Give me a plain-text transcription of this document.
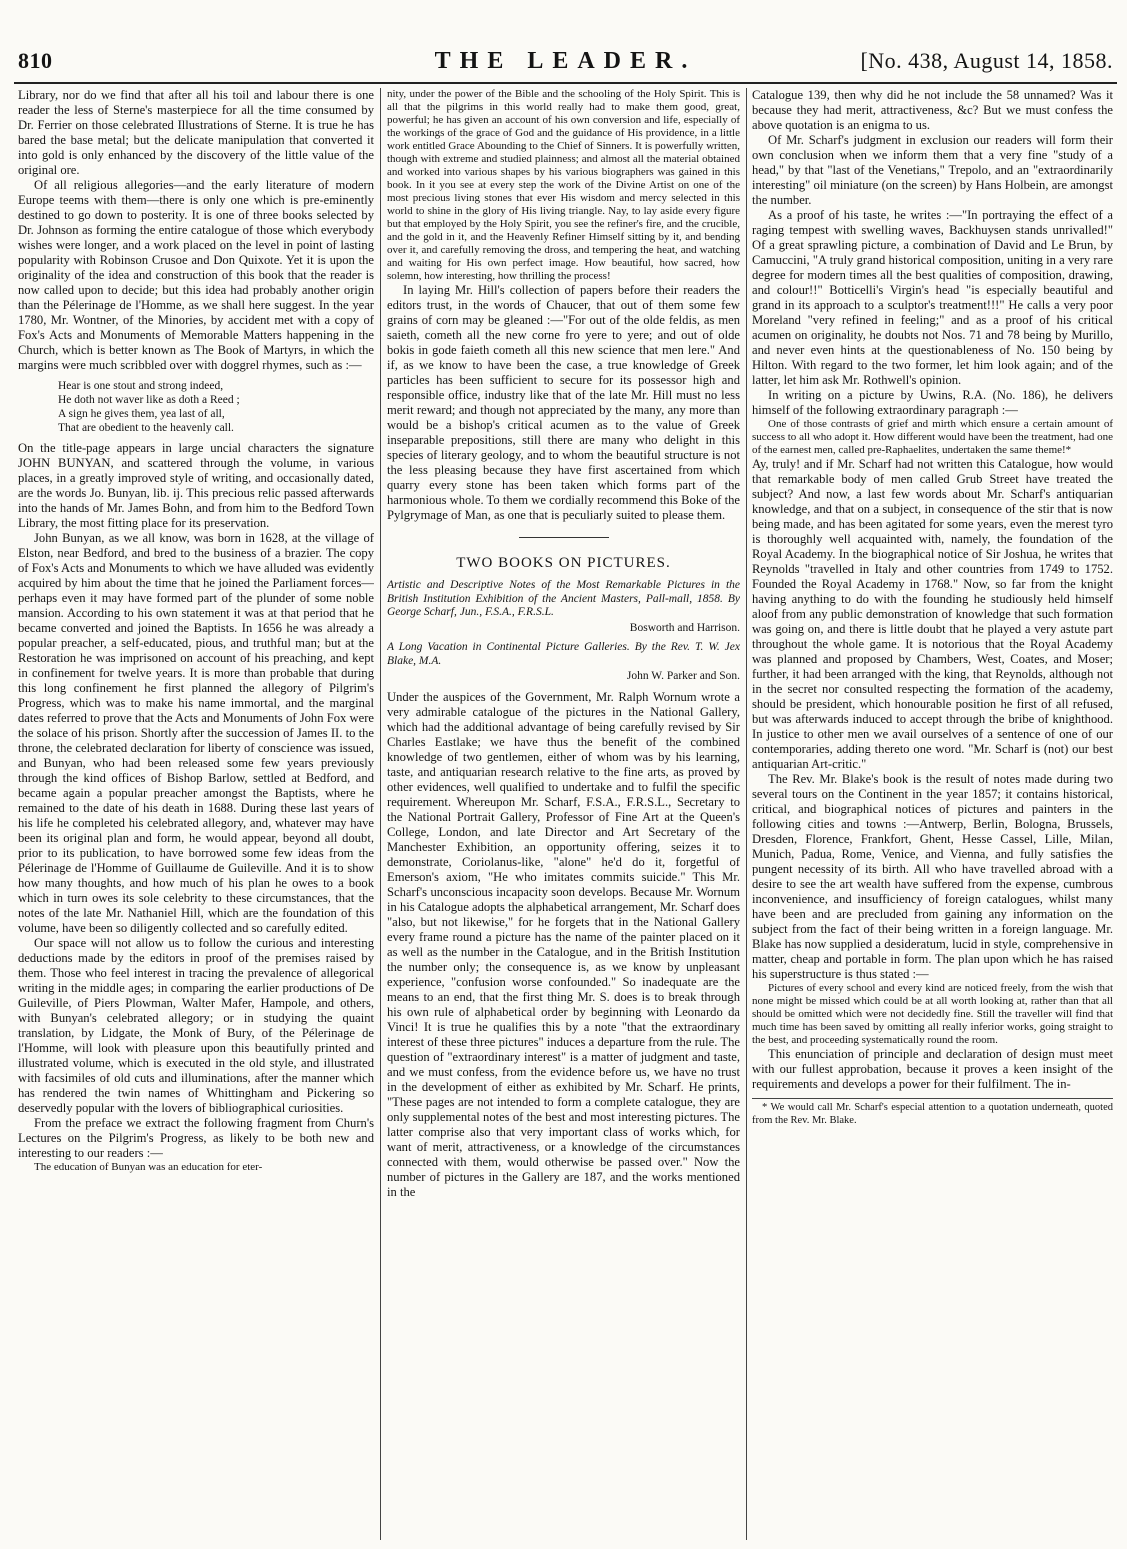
810	THE LEADER.	[No. 438, August 14, 1858.

Library, nor do we find that after all his toil and labour there is one reader the less of Sterne's masterpiece for all the time consumed by Dr. Ferrier on those celebrated Illustrations of Sterne. It is true he has bared the base metal; but the delicate manipulation that converted it into gold is only enhanced by the discovery of the little value of the original ore.

Of all religious allegories—and the early literature of modern Europe teems with them—there is only one which is pre-eminently destined to go down to posterity. It is one of three books selected by Dr. Johnson as forming the entire catalogue of those which everybody wishes were longer, and a work placed on the level in point of lasting popularity with Robinson Crusoe and Don Quixote. Yet it is upon the originality of the idea and construction of this book that the reader is now called upon to decide; but this idea had probably another origin than the Pélerinage de l'Homme, as we shall here suggest. In the year 1780, Mr. Wontner, of the Minories, by accident met with a copy of Fox's Acts and Monuments of Memorable Matters happening in the Church, which is better known as The Book of Martyrs, in which the margins were much scribbled over with doggrel rhymes, such as :—

Hear is one stout and strong indeed,
He doth not waver like as doth a Reed ;
A sign he gives them, yea last of all,
That are obedient to the heavenly call.

On the title-page appears in large uncial characters the signature JOHN BUNYAN, and scattered through the volume, in various places, in a greatly improved style of writing, and occasionally dated, are the words Jo. Bunyan, lib. ij. This precious relic passed afterwards into the hands of Mr. James Bohn, and from him to the Bedford Town Library, the most fitting place for its preservation.

John Bunyan, as we all know, was born in 1628, at the village of Elston, near Bedford, and bred to the business of a brazier. The copy of Fox's Acts and Monuments to which we have alluded was evidently acquired by him about the time that he joined the Parliament forces—perhaps even it may have formed part of the plunder of some noble mansion. According to his own statement it was at that period that he became converted and joined the Baptists. In 1656 he was already a popular preacher, a self-educated, pious, and truthful man; but at the Restoration he was imprisoned on account of his preaching, and kept in confinement for twelve years. It is more than probable that during this long confinement he first planned the allegory of Pilgrim's Progress, which was to make his name immortal, and the marginal dates referred to prove that the Acts and Monuments of John Fox were the solace of his prison. Shortly after the succession of James II. to the throne, the celebrated declaration for liberty of conscience was issued, and Bunyan, who had been released some few years previously through the kind offices of Bishop Barlow, settled at Bedford, and became again a popular preacher amongst the Baptists, where he remained to the date of his death in 1688. During these last years of his life he completed his celebrated allegory, and, whatever may have been its original plan and form, he would appear, beyond all doubt, prior to its publication, to have borrowed some few ideas from the Pélerinage de l'Homme of Guillaume de Guileville. And it is to show how many thoughts, and how much of his plan he owes to a book which in turn owes its sole celebrity to these circumstances, that the notes of the late Mr. Nathaniel Hill, which are the foundation of this volume, have been so diligently collected and so carefully edited.

Our space will not allow us to follow the curious and interesting deductions made by the editors in proof of the premises raised by them. Those who feel interest in tracing the prevalence of allegorical writing in the middle ages; in comparing the earlier productions of De Guileville, of Piers Plowman, Walter Mafer, Hampole, and others, with Bunyan's celebrated allegory; or in studying the quaint translation, by Lidgate, the Monk of Bury, of the Pélerinage de l'Homme, will look with pleasure upon this beautifully printed and illustrated volume, which is executed in the old style, and illustrated with facsimiles of old cuts and illuminations, after the manner which has rendered the twin names of Whittingham and Pickering so deservedly popular with the lovers of bibliographical curiosities.

From the preface we extract the following fragment from Churn's Lectures on the Pilgrim's Progress, as likely to be both new and interesting to our readers :—

The education of Bunyan was an education for eter-

nity, under the power of the Bible and the schooling of the Holy Spirit. This is all that the pilgrims in this world really had to make them good, great, powerful; he has given an account of his own conversion and life, especially of the workings of the grace of God and the guidance of His providence, in a little work entitled Grace Abounding to the Chief of Sinners. It is powerfully written, though with extreme and studied plainness; and almost all the material obtained and worked into various shapes by his various biographers was gained in this book. In it you see at every step the work of the Divine Artist on one of the most precious living stones that ever His wisdom and mercy selected in this world to shine in the glory of His living triangle. Nay, to lay aside every figure but that employed by the Holy Spirit, you see the refiner's fire, and the crucible, and the gold in it, and the Heavenly Refiner Himself sitting by it, and bending over it, and carefully removing the dross, and tempering the heat, and watching and waiting for His own perfect image. How beautiful, how sacred, how solemn, how interesting, how thrilling the process!

In laying Mr. Hill's collection of papers before their readers the editors trust, in the words of Chaucer, that out of them some few grains of corn may be gleaned :—"For out of the olde feldis, as men saieth, cometh all the new corne fro yere to yere; and out of olde bokis in gode faieth cometh all this new science that men lere." And if, as we know to have been the case, a true knowledge of Greek particles has been sufficient to secure for its possessor high and responsible office, industry like that of the late Mr. Hill must no less merit reward; and though not appreciated by the many, any more than would be a bishop's critical acumen as to the value of Greek inseparable prepositions, still there are many who delight in this species of literary geology, and to whom the beautiful structure is not the less pleasing because they have first ascertained from which quarry every stone has been taken which forms part of the harmonious whole. To them we cordially recommend this Boke of the Pylgrymage of Man, as one that is peculiarly suited to please them.

TWO BOOKS ON PICTURES.
Artistic and Descriptive Notes of the Most Remarkable Pictures in the British Institution Exhibition of the Ancient Masters, Pall-mall, 1858. By George Scharf, Jun., F.S.A., F.R.S.L.
Bosworth and Harrison.
A Long Vacation in Continental Picture Galleries. By the Rev. T. W. Jex Blake, M.A.
John W. Parker and Son.

Under the auspices of the Government, Mr. Ralph Wornum wrote a very admirable catalogue of the pictures in the National Gallery, which had the additional advantage of being carefully revised by Sir Charles Eastlake; we have thus the benefit of the combined knowledge of two gentlemen, either of whom was by his learning, taste, and antiquarian research relative to the fine arts, as proved by other evidences, well qualified to undertake and to fulfil the specific requirement. Whereupon Mr. Scharf, F.S.A., F.R.S.L., Secretary to the National Portrait Gallery, Professor of Fine Art at the Queen's College, London, and late Director and Art Secretary of the Manchester Exhibition, an opportunity offering, seizes it to demonstrate, Coriolanus-like, "alone" he'd do it, forgetful of Emerson's axiom, "He who imitates commits suicide." This Mr. Scharf's unconscious incapacity soon develops. Because Mr. Wornum in his Catalogue adopts the alphabetical arrangement, Mr. Scharf does "also, but not likewise," for he forgets that in the National Gallery every frame round a picture has the name of the painter placed on it as well as the number in the Catalogue, and in the British Institution the number only; the consequence is, as we know by unpleasant experience, "confusion worse confounded." So inadequate are the means to an end, that the first thing Mr. S. does is to break through his own rule of alphabetical order by beginning with Leonardo da Vinci! It is true he qualifies this by a note "that the extraordinary interest of these three pictures" induces a departure from the rule. The question of "extraordinary interest" is a matter of judgment and taste, and we must confess, from the evidence before us, we have no trust in the development of either as exhibited by Mr. Scharf. He prints, "These pages are not intended to form a complete catalogue, they are only supplemental notes of the best and most interesting pictures. The latter comprise also that very important class of works which, for want of merit, attractiveness, or a knowledge of the circumstances connected with them, would otherwise be passed over." Now the number of pictures in the Gallery are 187, and the works mentioned in the

Catalogue 139, then why did he not include the 58 unnamed? Was it because they had merit, attractiveness, &c? But we must confess the above quotation is an enigma to us.

Of Mr. Scharf's judgment in exclusion our readers will form their own conclusion when we inform them that a very fine "study of a head," by that "last of the Venetians," Trepolo, and an "extraordinarily interesting" oil miniature (on the screen) by Hans Holbein, are amongst the number.

As a proof of his taste, he writes :—"In portraying the effect of a raging tempest with swelling waves, Backhuysen stands unrivalled!" Of a great sprawling picture, a combination of David and Le Brun, by Camuccini, "A truly grand historical composition, uniting in a very rare degree for modern times all the best qualities of composition, drawing, and colour!!" Botticelli's Virgin's head "is especially beautiful and grand in its approach to a sculptor's treatment!!!" He calls a very poor Moreland "very refined in feeling;" and as a proof of his critical acumen on originality, he doubts not Nos. 71 and 78 being by Murillo, and never even hints at the questionableness of No. 150 being by Hilton. With regard to the two former, let him look again; and of the latter, let him ask Mr. Rothwell's opinion.

In writing on a picture by Uwins, R.A. (No. 186), he delivers himself of the following extraordinary paragraph :—

One of those contrasts of grief and mirth which ensure a certain amount of success to all who adopt it. How different would have been the treatment, had one of the earnest men, called pre-Raphaelites, undertaken the same theme!*

Ay, truly! and if Mr. Scharf had not written this Catalogue, how would that remarkable body of men called Grub Street have treated the subject? And now, a last few words about Mr. Scharf's antiquarian knowledge, and that on a subject, in consequence of the stir that is now being made, and has been agitated for some years, even the merest tyro is thoroughly well acquainted with, namely, the foundation of the Royal Academy. In the biographical notice of Sir Joshua, he writes that Reynolds "travelled in Italy and other countries from 1749 to 1752. Founded the Royal Academy in 1768." Now, so far from the knight having anything to do with the founding he studiously held himself aloof from any public demonstration of knowledge that such formation was going on, and there is little doubt that he played a very astute part throughout the whole game. It is notorious that the Royal Academy was planned and proposed by Chambers, West, Coates, and Moser; further, it had been arranged with the king, that Reynolds, although not in the secret nor consulted respecting the formation of the academy, should be president, which honourable position he first of all refused, but was afterwards induced to accept through the bribe of knighthood. In justice to other men we avail ourselves of a sentence of one of our contemporaries, adding thereto one word. "Mr. Scharf is (not) our best antiquarian Art-critic."

The Rev. Mr. Blake's book is the result of notes made during two several tours on the Continent in the year 1857; it contains historical, critical, and biographical notices of pictures and painters in the following cities and towns :—Antwerp, Berlin, Bologna, Brussels, Dresden, Florence, Frankfort, Ghent, Hesse Cassel, Lille, Milan, Munich, Padua, Rome, Venice, and Vienna, and fully satisfies the pungent necessity of its birth. All who have travelled abroad with a desire to see the art wealth have suffered from the expense, cumbrous inconvenience, and insufficiency of foreign catalogues, whilst many have been and are precluded from gaining any information on the subject from the fact of their being written in a foreign language. Mr. Blake has now supplied a desideratum, lucid in style, comprehensive in matter, cheap and portable in form. The plan upon which he has raised his superstructure is thus stated :—

Pictures of every school and every kind are noticed freely, from the wish that none might be missed which could be at all worth looking at, rather than that all should be omitted which were not decidedly fine. Still the traveller will find that much time has been saved by omitting all really inferior works, going straight to the best, and proceeding systematically round the room.

This enunciation of principle and declaration of design must meet with our fullest approbation, because it proves a keen insight of the requirements and develops a power for their fulfilment. The in-

* We would call Mr. Scharf's especial attention to a quotation underneath, quoted from the Rev. Mr. Blake.
